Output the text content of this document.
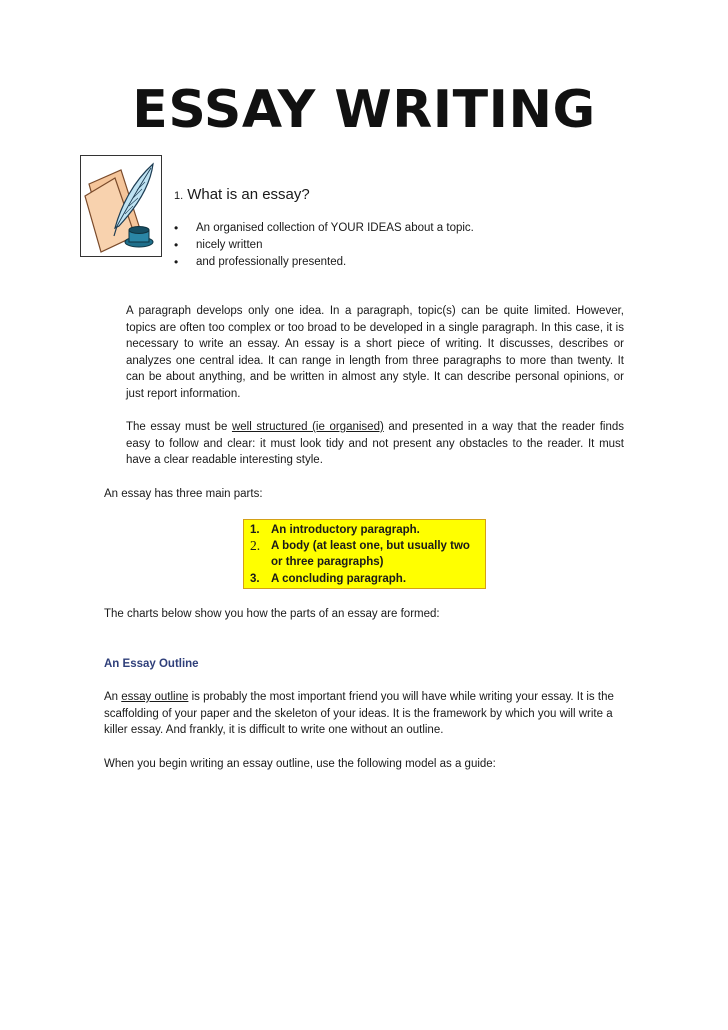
ESSAY WRITING
1. What is an essay?
• An organised collection of YOUR IDEAS about a topic.
• nicely written
• and professionally presented.

A paragraph develops only one idea. In a paragraph, topic(s) can be quite limited. However, topics are often too complex or too broad to be developed in a single paragraph. In this case, it is necessary to write an essay. An essay is a short piece of writing. It discusses, describes or analyzes one central idea. It can range in length from three paragraphs to more than twenty. It can be about anything, and be written in almost any style. It can describe personal opinions, or just report information.

The essay must be well structured (ie organised) and presented in a way that the reader finds easy to follow and clear: it must look tidy and not present any obstacles to the reader. It must have a clear readable interesting style.

An essay has three main parts:

1. An introductory paragraph.
2. A body (at least one, but usually two or three paragraphs)
3. A concluding paragraph.

The charts below show you how the parts of an essay are formed:

An Essay Outline

An essay outline is probably the most important friend you will have while writing your essay. It is the scaffolding of your paper and the skeleton of your ideas. It is the framework by which you will write a killer essay. And frankly, it is difficult to write one without an outline.

When you begin writing an essay outline, use the following model as a guide:
